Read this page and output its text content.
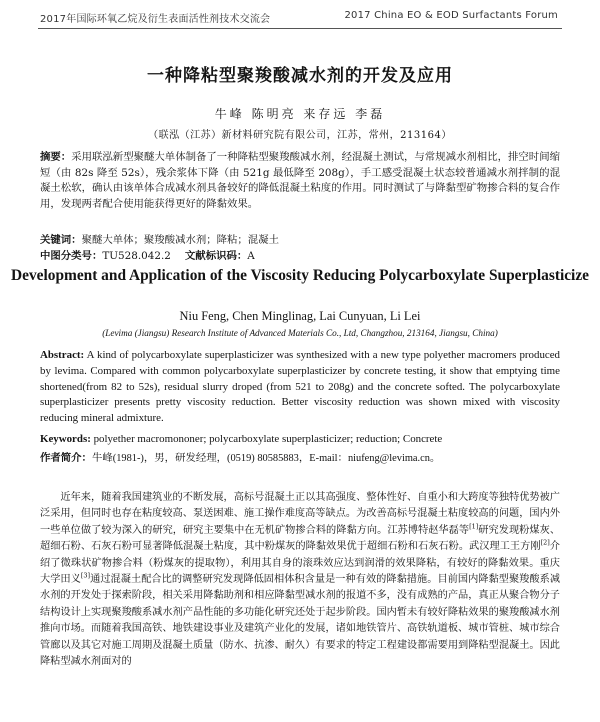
2017年国际环氧乙烷及衍生表面活性剂技术交流会	2017 China EO & EOD Surfactants Forum
一种降粘型聚羧酸减水剂的开发及应用
牛峰 陈明亮 来存远 李磊
（联泓（江苏）新材料研究院有限公司，江苏，常州，213164）
摘要：采用联泓新型聚醚大单体制备了一种降粘型聚羧酸减水剂，经混凝土测试，与常规减水剂相比，排空时间缩短（由 82s 降至 52s），残余浆体下降（由 521g 最低降至 208g），手工感受混凝土状态较普通减水剂拌制的混凝土松软，确认由该单体合成减水剂具备较好的降低混凝土粘度的作用。同时测试了与降黏型矿物掺合料的复合作用，发现两者配合使用能获得更好的降黏效果。
关键词：聚醚大单体；聚羧酸减水剂；降粘；混凝土
中图分类号：TU528.042.2 文献标识码：A
Development and Application of the Viscosity Reducing Polycarboxylate Superplasticize
Niu Feng, Chen Minglinag, Lai Cunyuan, Li Lei
(Levima (Jiangsu) Research Institute of Advanced Materials Co., Ltd, Changzhou, 213164, Jiangsu, China)
Abstract: A kind of polycarboxylate superplasticizer was synthesized with a new type polyether macromers produced by levima. Compared with common polycarboxylate superplasticizer by concrete testing, it show that emptying time shortened(from 82 to 52s), residual slurry droped (from 521 to 208g) and the concrete softed. The polycarboxylate superplasticizer presents pretty viscosity reduction. Better viscosity reduction was shown mixed with viscosity reducing mineral admixture.
Keywords: polyether macromononer; polycarboxylate superplasticizer; reduction; Concrete
作者简介：牛峰(1981-)，男，研发经理，(0519) 80585883，E-mail：niufeng@levima.cn。

近年来，随着我国建筑业的不断发展，高标号混凝土正以其高强度、整体性好、自重小和大跨度等独特优势被广泛采用，但同时也存在粘度较高、泵送困难、施工操作难度高等缺点。为改善高标号混凝土粘度较高的问题，国内外一些单位做了较为深入的研究，研究主要集中在无机矿物掺合料的降黏方向。江苏博特赵华磊等[1]研究发现粉煤灰、超细石粉、石灰石粉可显著降低混凝土粘度，其中粉煤灰的降黏效果优于超细石粉和石灰石粉。武汉理工王方刚[2]介绍了微珠状矿物掺合料（粉煤灰的提取物），利用其自身的滚珠效应达到润滑的效果降粘，有较好的降黏效果。重庆大学田义[3]通过混凝土配合比的调整研究发现降低固相体积含量是一种有效的降黏措施。目前国内降黏型聚羧酸系减水剂的开发处于探索阶段，相关采用降黏助剂和相应降黏型减水剂的报道不多，没有成熟的产品，真正从聚合物分子结构设计上实现聚羧酸系减水剂产品性能的多功能化研究还处于起步阶段。国内暂未有较好降粘效果的聚羧酸减水剂推向市场。而随着我国高铁、地铁建设事业及建筑产业化的发展，诸如地铁管片、高铁轨道板、城市管桩、城市综合管廊以及其它对施工周期及混凝土质量（防水、抗渗、耐久）有要求的特定工程建设都需要用到降粘型混凝土。因此降粘型减水剂面对的
